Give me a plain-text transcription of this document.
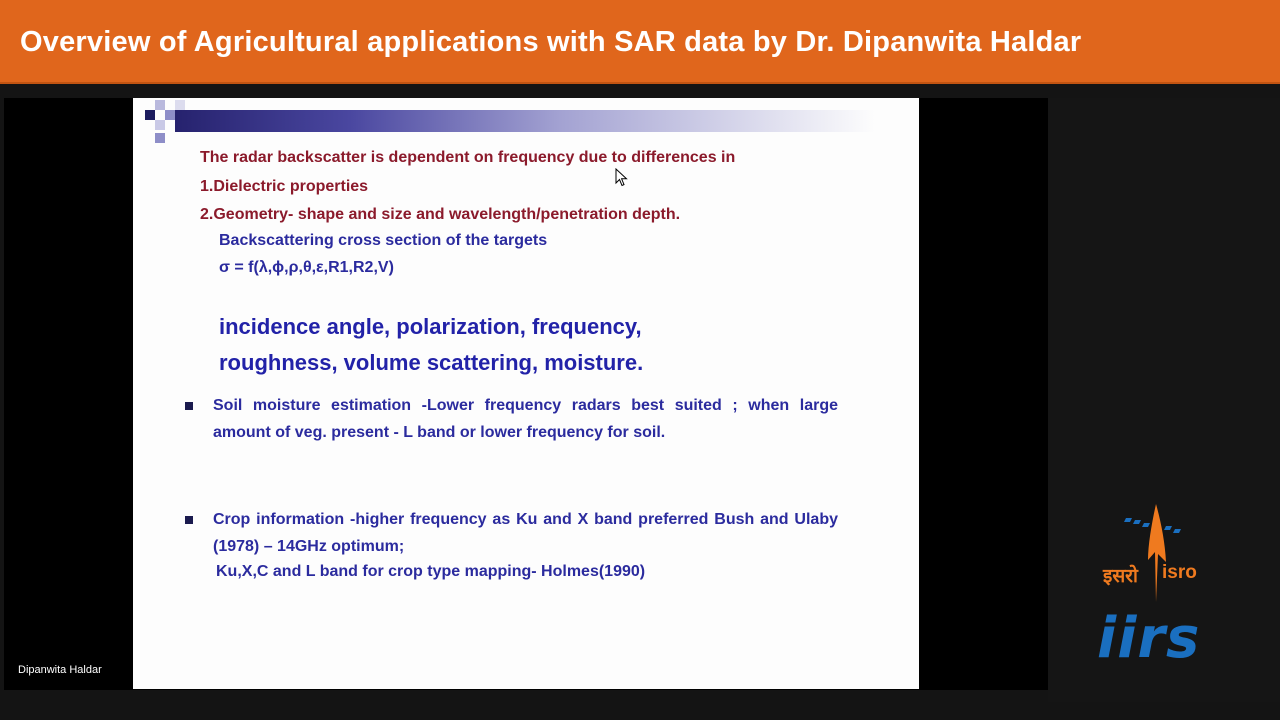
Overview of Agricultural applications with SAR data by Dr. Dipanwita Haldar
The radar backscatter is dependent on frequency due to differences in
1.Dielectric properties
2.Geometry- shape and size and wavelength/penetration depth.
Backscattering cross section of the targets
σ = f(λ,ϕ,ρ,θ,ε,R1,R2,V)
incidence angle, polarization, frequency,
roughness, volume scattering, moisture.
Soil moisture estimation -Lower frequency radars best suited ; when large amount of veg. present - L band or lower frequency for soil.
Crop information -higher frequency as Ku and X band preferred Bush and Ulaby (1978) – 14GHz optimum;
Ku,X,C and L band for crop type mapping- Holmes(1990)
Dipanwita Haldar
इसरो isro
iirs
